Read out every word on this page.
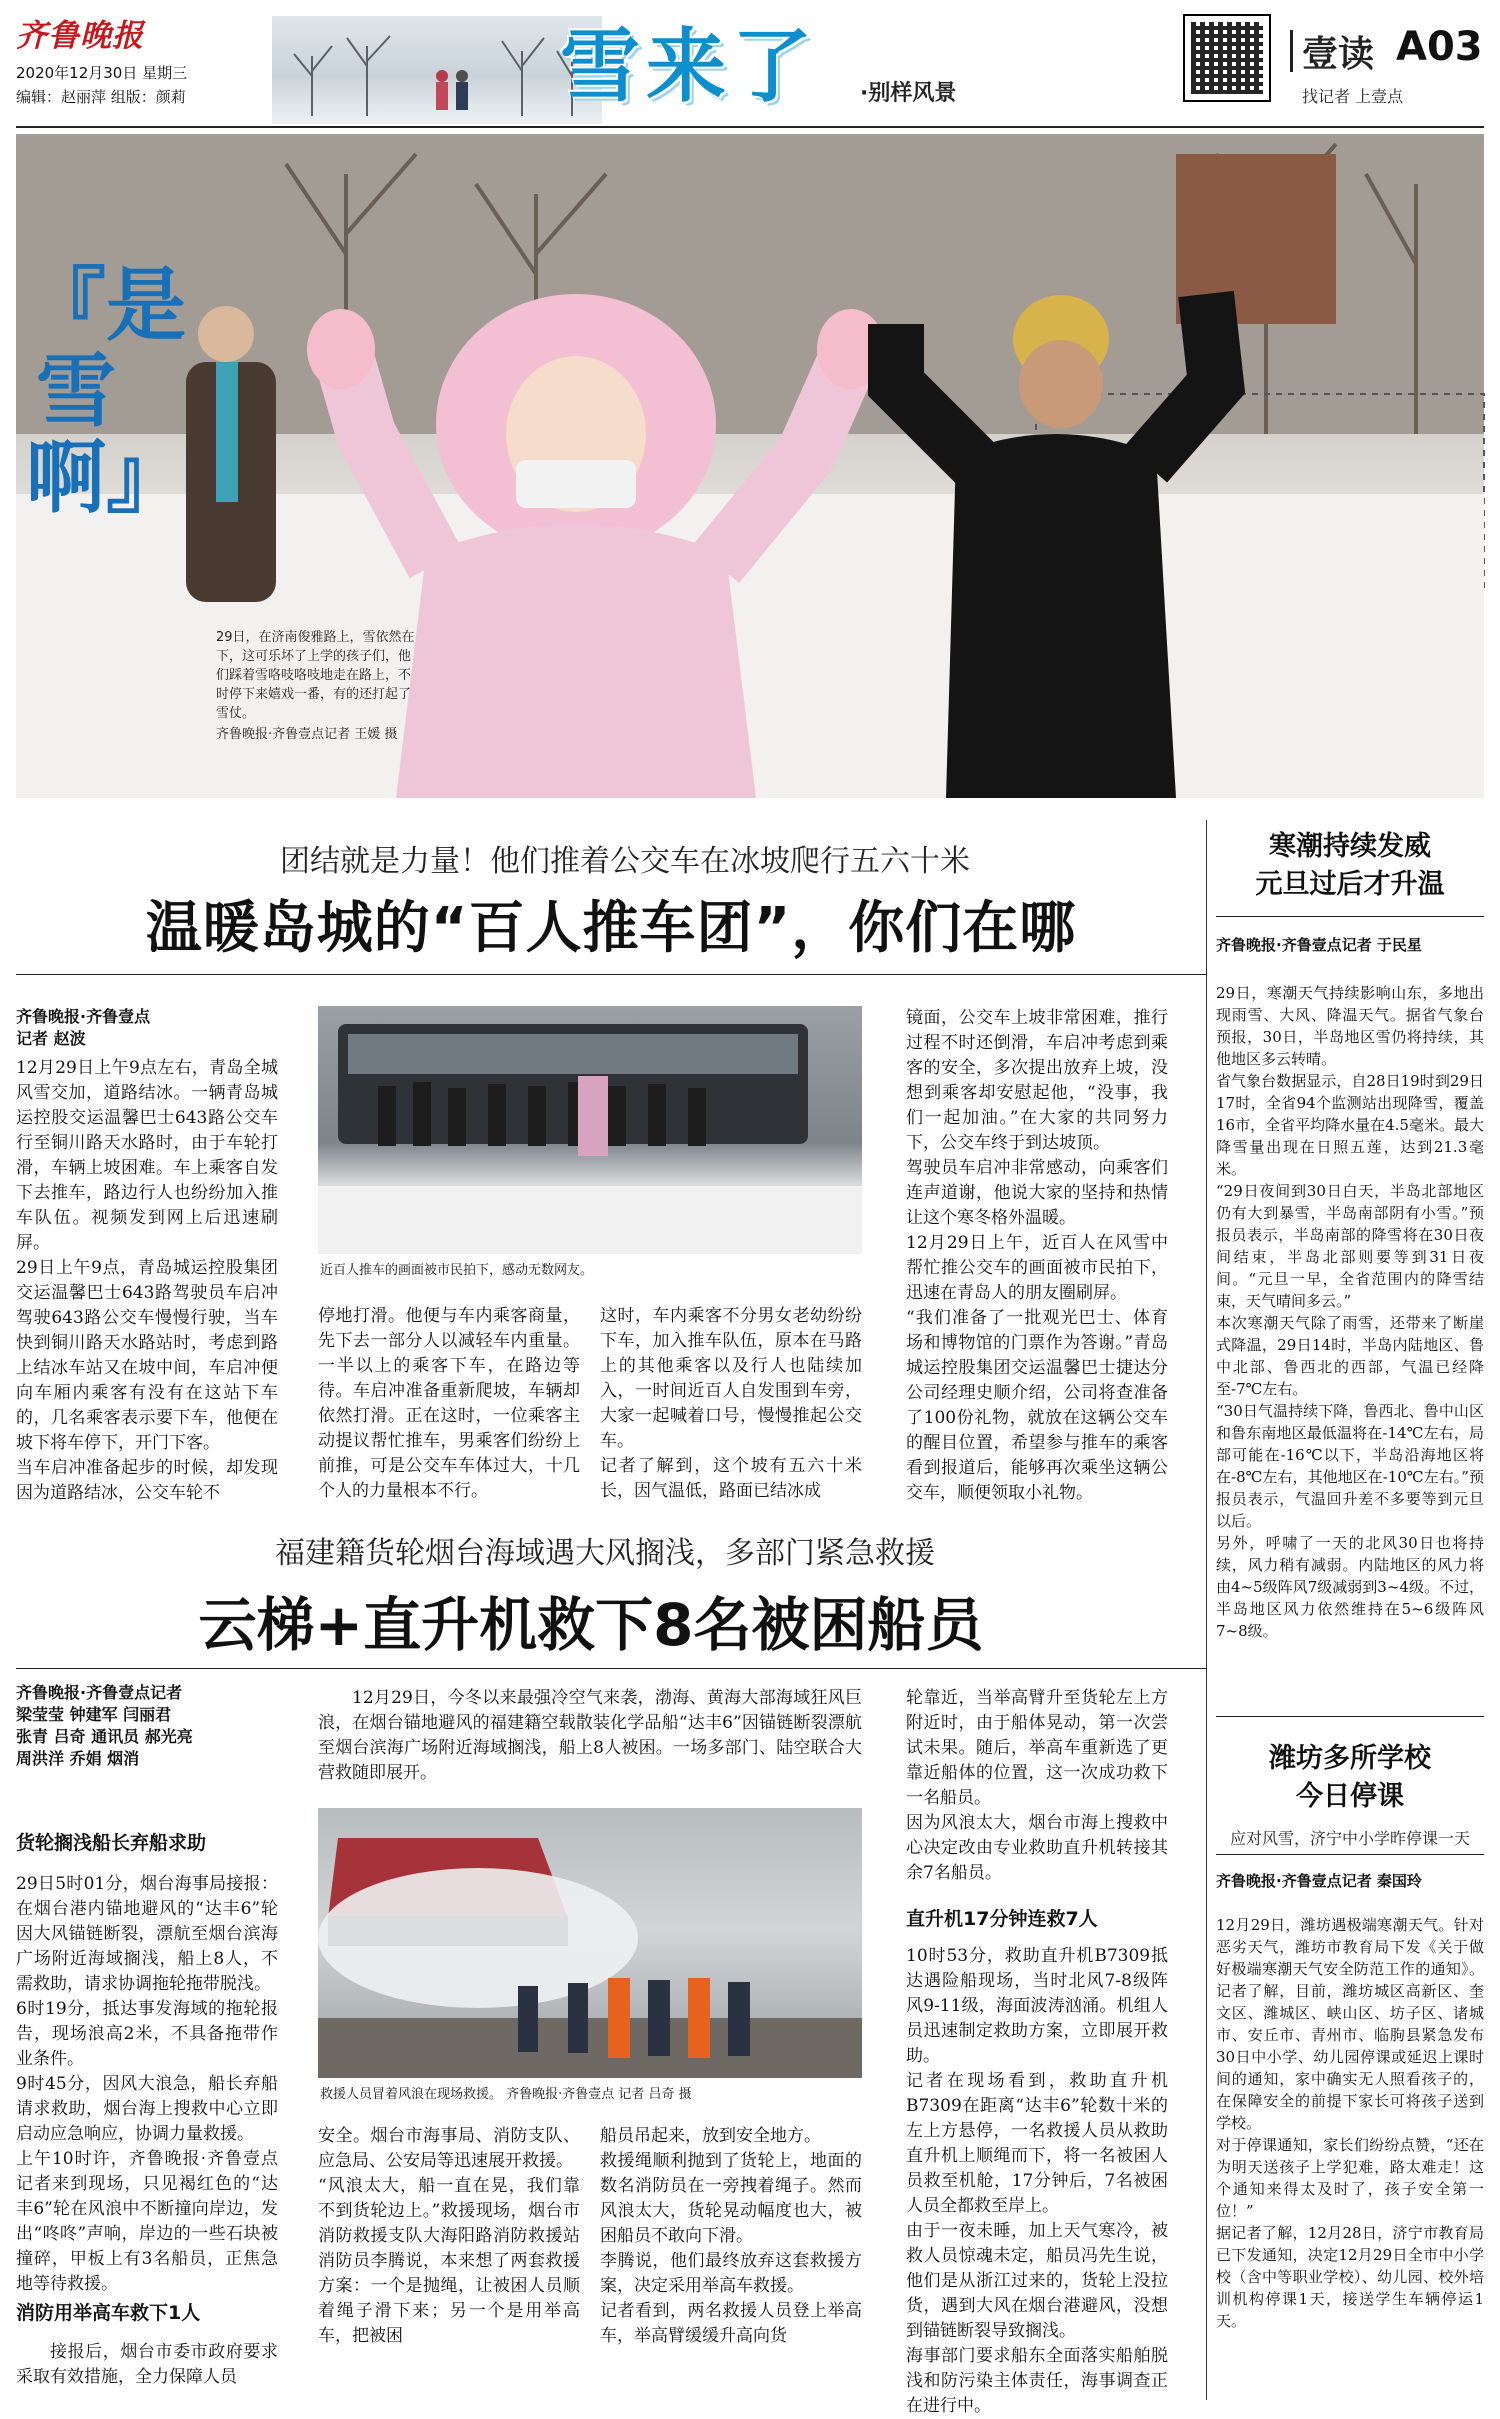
齐鲁晚报
2020年12月30日 星期三
编辑：赵丽萍 组版：颜莉	雪来了 ·别样风景
壹读 A03
找记者 上壹点
『是雪啊』
29日，在济南俊雅路上，雪依然在下，这可乐坏了上学的孩子们，他们踩着雪咯吱咯吱地走在路上，不时停下来嬉戏一番，有的还打起了雪仗。
齐鲁晚报·齐鲁壹点记者 王媛 摄
团结就是力量！他们推着公交车在冰坡爬行五六十米
温暖岛城的“百人推车团”，你们在哪
齐鲁晚报·齐鲁壹点
记者 赵波
12月29日上午9点左右，青岛全城风雪交加，道路结冰。一辆青岛城运控股交运温馨巴士643路公交车行至铜川路天水路时，由于车轮打滑，车辆上坡困难。车上乘客自发下去推车，路边行人也纷纷加入推车队伍。视频发到网上后迅速刷屏。
29日上午9点，青岛城运控股集团交运温馨巴士643路驾驶员车启冲驾驶643路公交车慢慢行驶，当车快到铜川路天水路站时，考虑到路上结冰车站又在坡中间，车启冲便向车厢内乘客有没有在这站下车的，几名乘客表示要下车，他便在坡下将车停下，开门下客。
当车启冲准备起步的时候，却发现因为道路结冰，公交车轮不
近百人推车的画面被市民拍下，感动无数网友。
停地打滑。他便与车内乘客商量，先下去一部分人以减轻车内重量。一半以上的乘客下车，在路边等待。车启冲准备重新爬坡，车辆却依然打滑。正在这时，一位乘客主动提议帮忙推车，男乘客们纷纷上前推，可是公交车车体过大，十几个人的力量根本不行。
这时，车内乘客不分男女老幼纷纷下车，加入推车队伍，原本在马路上的其他乘客以及行人也陆续加入，一时间近百人自发围到车旁，大家一起喊着口号，慢慢推起公交车。
记者了解到，这个坡有五六十米长，因气温低，路面已结冰成
镜面，公交车上坡非常困难，推行过程不时还倒滑，车启冲考虑到乘客的安全，多次提出放弃上坡，没想到乘客却安慰起他，“没事，我们一起加油。”在大家的共同努力下，公交车终于到达坡顶。
驾驶员车启冲非常感动，向乘客们连声道谢，他说大家的坚持和热情让这个寒冬格外温暖。
12月29日上午，近百人在风雪中帮忙推公交车的画面被市民拍下，迅速在青岛人的朋友圈刷屏。
“我们准备了一批观光巴士、体育场和博物馆的门票作为答谢。”青岛城运控股集团交运温馨巴士捷达分公司经理史顺介绍，公司将查准备了100份礼物，就放在这辆公交车的醒目位置，希望参与推车的乘客看到报道后，能够再次乘坐这辆公交车，顺便领取小礼物。
福建籍货轮烟台海域遇大风搁浅，多部门紧急救援
云梯+直升机救下8名被困船员
齐鲁晚报·齐鲁壹点记者
梁莹莹 钟建军 闫丽君
张青 吕奇 通讯员 郝光亮
周洪洋 乔娟 烟消
货轮搁浅船长弃船求助
29日5时01分，烟台海事局接报：在烟台港内锚地避风的“达丰6”轮因大风锚链断裂，漂航至烟台滨海广场附近海域搁浅，船上8人，不需救助，请求协调拖轮拖带脱浅。
6时19分，抵达事发海域的拖轮报告，现场浪高2米，不具备拖带作业条件。
9时45分，因风大浪急，船长弃船请求救助，烟台海上搜救中心立即启动应急响应，协调力量救援。
上午10时许，齐鲁晚报·齐鲁壹点记者来到现场，只见褐红色的“达丰6”轮在风浪中不断撞向岸边，发出“咚咚”声响，岸边的一些石块被撞碎，甲板上有3名船员，正焦急地等待救援。
消防用举高车救下1人
接报后，烟台市委市政府要求采取有效措施，全力保障人员
12月29日，今冬以来最强冷空气来袭，渤海、黄海大部海域狂风巨浪，在烟台锚地避风的福建籍空载散装化学品船“达丰6”因锚链断裂漂航至烟台滨海广场附近海域搁浅，船上8人被困。一场多部门、陆空联合大营救随即展开。
救援人员冒着风浪在现场救援。 齐鲁晚报·齐鲁壹点 记者 吕奇 摄
安全。烟台市海事局、消防支队、应急局、公安局等迅速展开救援。
“风浪太大，船一直在晃，我们靠不到货轮边上。”救援现场，烟台市消防救援支队大海阳路消防救援站消防员李腾说，本来想了两套救援方案：一个是抛绳，让被困人员顺着绳子滑下来；另一个是用举高车，把被困
船员吊起来，放到安全地方。
救援绳顺利抛到了货轮上，地面的数名消防员在一旁拽着绳子。然而风浪太大，货轮晃动幅度也大，被困船员不敢向下滑。
李腾说，他们最终放弃这套救援方案，决定采用举高车救援。
记者看到，两名救援人员登上举高车，举高臂缓缓升高向货
轮靠近，当举高臂升至货轮左上方附近时，由于船体晃动，第一次尝试未果。随后，举高车重新选了更靠近船体的位置，这一次成功救下一名船员。
因为风浪太大，烟台市海上搜救中心决定改由专业救助直升机转接其余7名船员。
直升机17分钟连救7人
10时53分，救助直升机B7309抵达遇险船现场，当时北风7-8级阵风9-11级，海面波涛汹涌。机组人员迅速制定救助方案，立即展开救助。
记者在现场看到，救助直升机B7309在距离“达丰6”轮数十米的左上方悬停，一名救援人员从救助直升机上顺绳而下，将一名被困人员救至机舱，17分钟后，7名被困人员全都救至岸上。
由于一夜未睡，加上天气寒冷，被救人员惊魂未定，船员冯先生说，他们是从浙江过来的，货轮上没拉货，遇到大风在烟台港避风，没想到锚链断裂导致搁浅。
海事部门要求船东全面落实船舶脱浅和防污染主体责任，海事调查正在进行中。
寒潮持续发威
元旦过后才升温
齐鲁晚报·齐鲁壹点记者 于民星
29日，寒潮天气持续影响山东，多地出现雨雪、大风、降温天气。据省气象台预报，30日，半岛地区雪仍将持续，其他地区多云转晴。
省气象台数据显示，自28日19时到29日17时，全省94个监测站出现降雪，覆盖16市，全省平均降水量在4.5毫米。最大降雪量出现在日照五莲，达到21.3毫米。
“29日夜间到30日白天，半岛北部地区仍有大到暴雪，半岛南部阴有小雪。”预报员表示，半岛南部的降雪将在30日夜间结束，半岛北部则要等到31日夜间。“元旦一早，全省范围内的降雪结束，天气晴间多云。”
本次寒潮天气除了雨雪，还带来了断崖式降温，29日14时，半岛内陆地区、鲁中北部、鲁西北的西部，气温已经降至-7℃左右。
“30日气温持续下降，鲁西北、鲁中山区和鲁东南地区最低温将在-14℃左右，局部可能在-16℃以下，半岛沿海地区将在-8℃左右，其他地区在-10℃左右。”预报员表示，气温回升差不多要等到元旦以后。
另外，呼啸了一天的北风30日也将持续，风力稍有减弱。内陆地区的风力将由4~5级阵风7级减弱到3~4级。不过，半岛地区风力依然维持在5~6级阵风7~8级。
潍坊多所学校
今日停课
应对风雪，济宁中小学昨停课一天
齐鲁晚报·齐鲁壹点记者 秦国玲
12月29日，潍坊遇极端寒潮天气。针对恶劣天气，潍坊市教育局下发《关于做好极端寒潮天气安全防范工作的通知》。记者了解，目前，潍坊城区高新区、奎文区、潍城区、峡山区、坊子区、诸城市、安丘市、青州市、临朐县紧急发布30日中小学、幼儿园停课或延迟上课时间的通知，家中确实无人照看孩子的，在保障安全的前提下家长可将孩子送到学校。
对于停课通知，家长们纷纷点赞，“还在为明天送孩子上学犯难，路太难走！这个通知来得太及时了，孩子安全第一位！”
据记者了解，12月28日，济宁市教育局已下发通知，决定12月29日全市中小学校（含中等职业学校）、幼儿园、校外培训机构停课1天，接送学生车辆停运1天。
